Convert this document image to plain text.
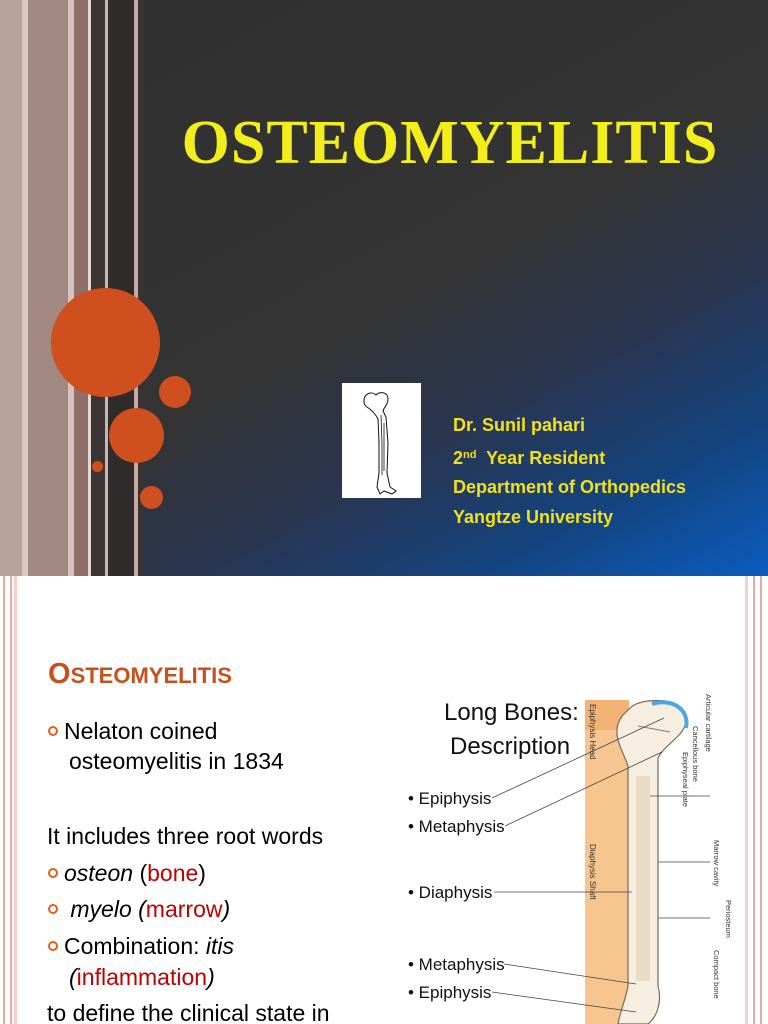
OSTEOMYELITIS
Dr. Sunil pahari
2nd Year Resident
Department of Orthopedics
Yangtze University
OSTEOMYELITIS
Nelaton coined
osteomyelitis in 1834
It includes three root words
osteon (bone)
myelo (marrow)
Combination: itis
(inflammation)
to define the clinical state in
Long Bones:
Description
• Epiphysis
• Metaphysis
• Diaphysis
• Metaphysis
• Epiphysis
Epiphysis Head
Diaphysis Shaft
Articular cartilage
Cancellous bone
Epiphyseal plate
Marrow cavity
Periosteum
Compact bone
